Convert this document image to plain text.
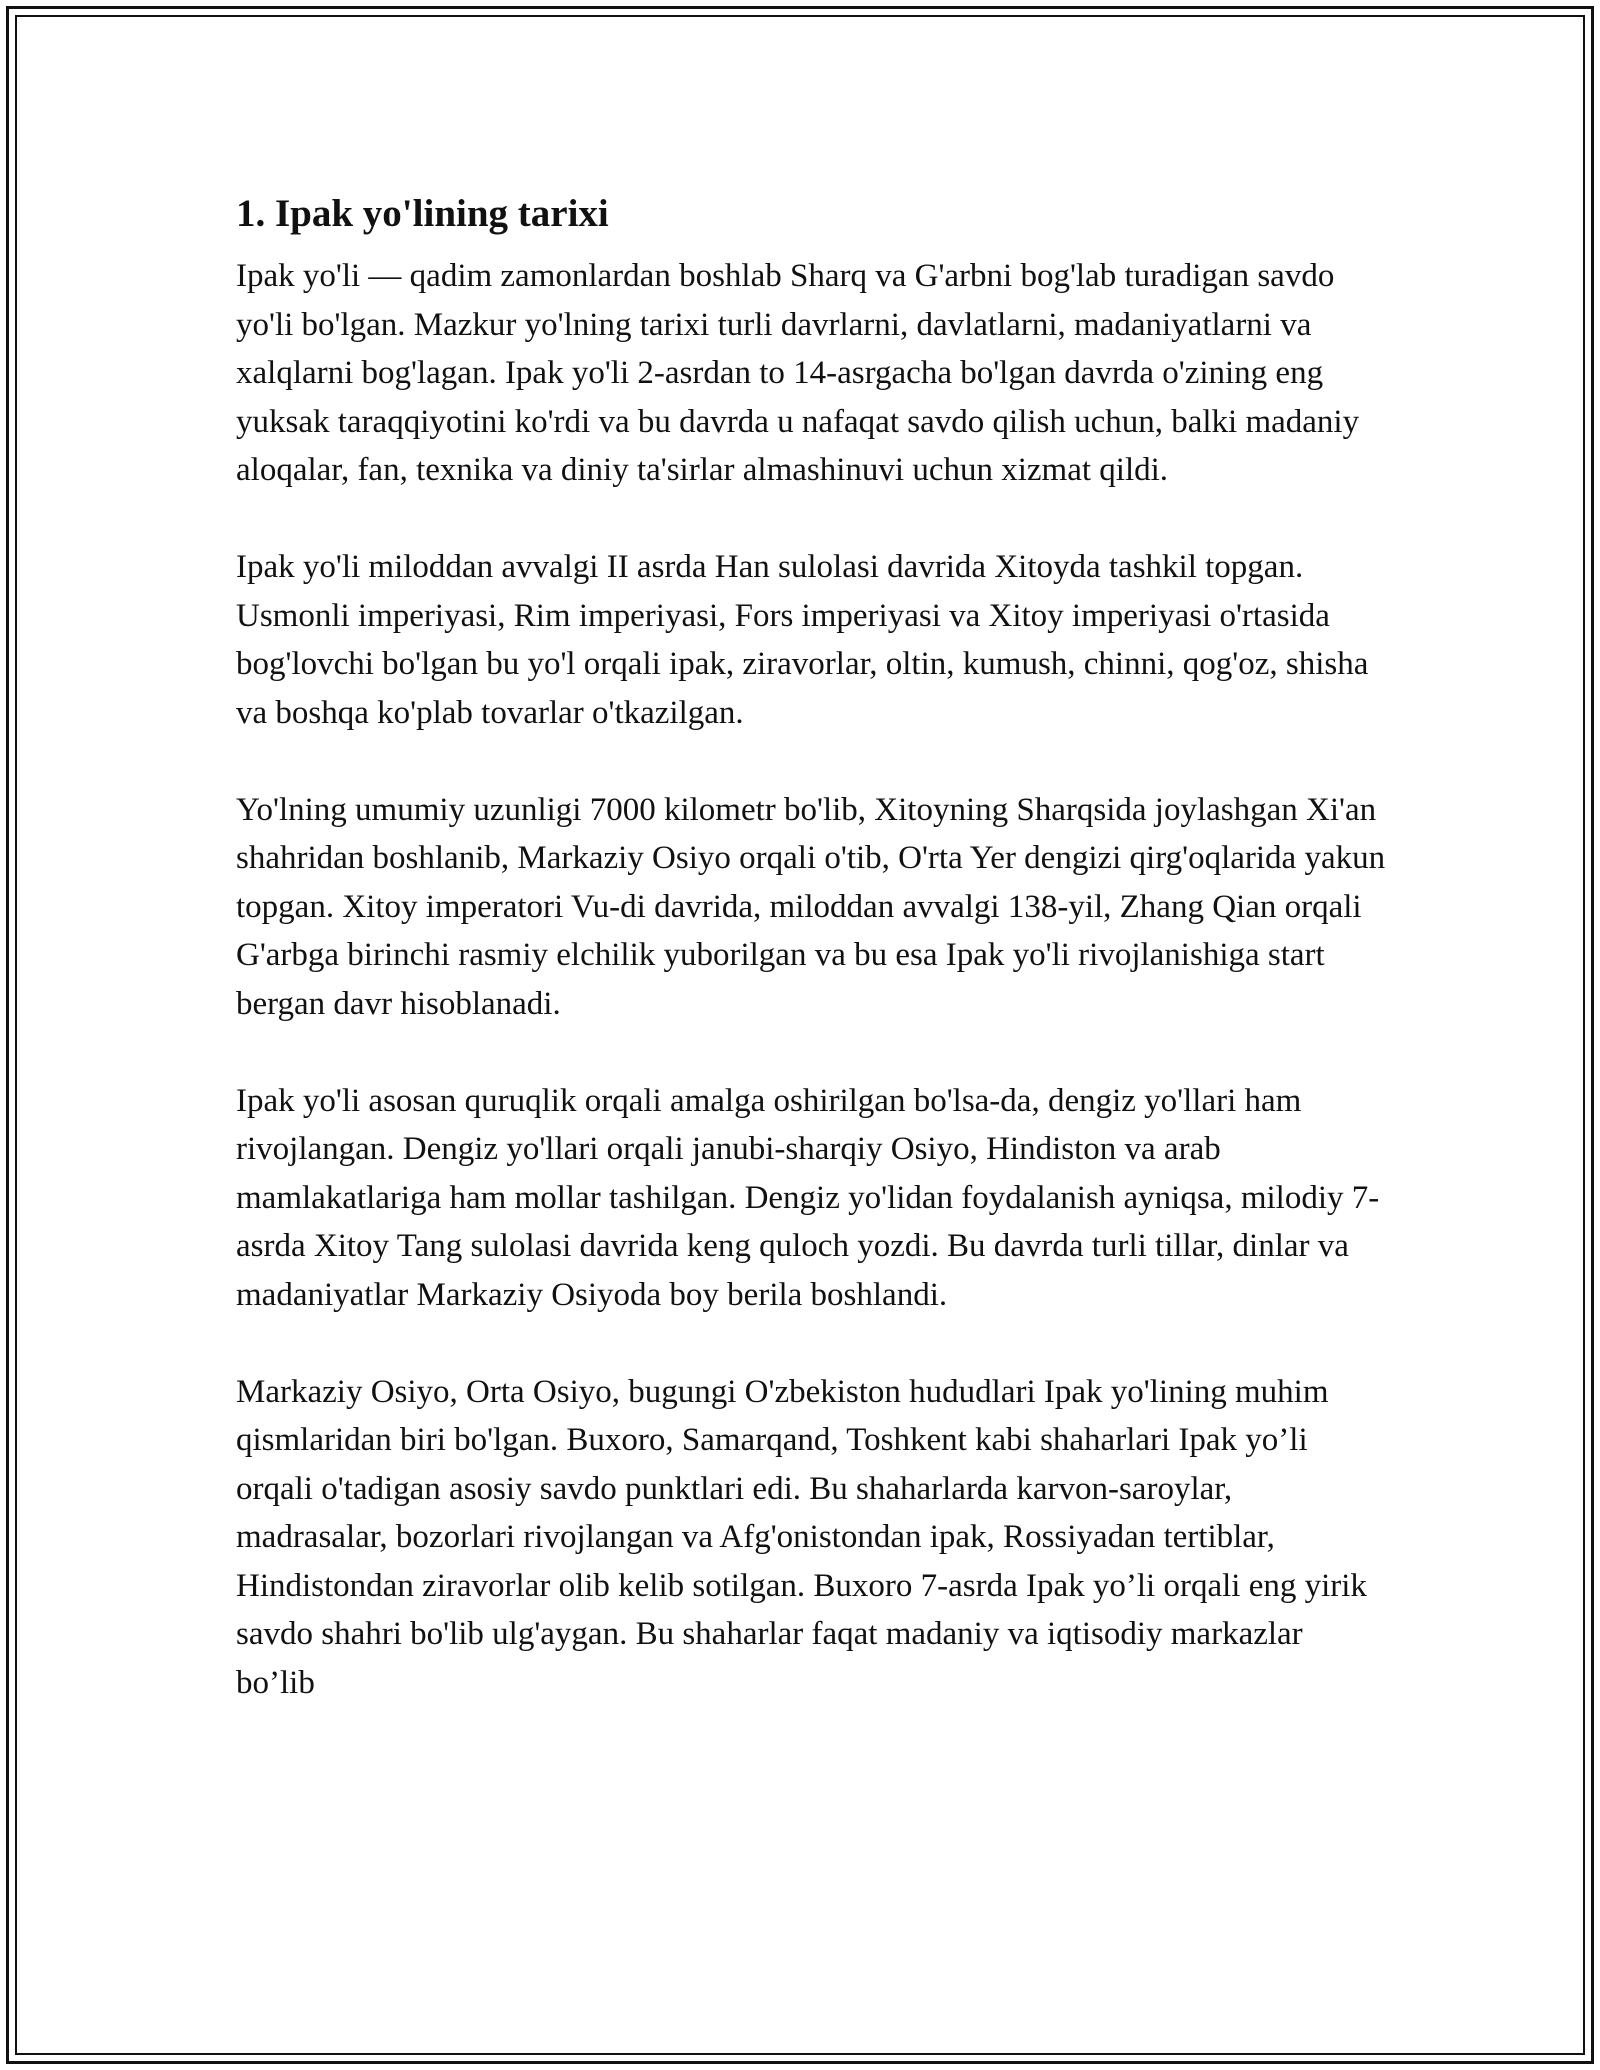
1. Ipak yo'lining tarixi

Ipak yo'li — qadim zamonlardan boshlab Sharq va G'arbni bog'lab turadigan savdo yo'li bo'lgan. Mazkur yo'lning tarixi turli davrlarni, davlatlarni, madaniyatlarni va xalqlarni bog'lagan. Ipak yo'li 2-asrdan to 14-asrgacha bo'lgan davrda o'zining eng yuksak taraqqiyotini ko'rdi va bu davrda u nafaqat savdo qilish uchun, balki madaniy aloqalar, fan, texnika va diniy ta'sirlar almashinuvi uchun xizmat qildi.

Ipak yo'li miloddan avvalgi II asrda Han sulolasi davrida Xitoyda tashkil topgan. Usmonli imperiyasi, Rim imperiyasi, Fors imperiyasi va Xitoy imperiyasi o'rtasida bog'lovchi bo'lgan bu yo'l orqali ipak, ziravorlar, oltin, kumush, chinni, qog'oz, shisha va boshqa ko'plab tovarlar o'tkazilgan.

Yo'lning umumiy uzunligi 7000 kilometr bo'lib, Xitoyning Sharqsida joylashgan Xi'an shahridan boshlanib, Markaziy Osiyo orqali o'tib, O'rta Yer dengizi qirg'oqlarida yakun topgan. Xitoy imperatori Vu-di davrida, miloddan avvalgi 138-yil, Zhang Qian orqali G'arbga birinchi rasmiy elchilik yuborilgan va bu esa Ipak yo'li rivojlanishiga start bergan davr hisoblanadi.

Ipak yo'li asosan quruqlik orqali amalga oshirilgan bo'lsa-da, dengiz yo'llari ham rivojlangan. Dengiz yo'llari orqali janubi-sharqiy Osiyo, Hindiston va arab mamlakatlariga ham mollar tashilgan. Dengiz yo'lidan foydalanish ayniqsa, milodiy 7-asrda Xitoy Tang sulolasi davrida keng quloch yozdi. Bu davrda turli tillar, dinlar va madaniyatlar Markaziy Osiyoda boy berila boshlandi.

Markaziy Osiyo, Orta Osiyo, bugungi O'zbekiston hududlari Ipak yo'lining muhim qismlaridan biri bo'lgan. Buxoro, Samarqand, Toshkent kabi shaharlari Ipak yo’li orqali o'tadigan asosiy savdo punktlari edi. Bu shaharlarda karvon-saroylar, madrasalar, bozorlari rivojlangan va Afg'onistondan ipak, Rossiyadan tertiblar, Hindistondan ziravorlar olib kelib sotilgan. Buxoro 7-asrda Ipak yo’li orqali eng yirik savdo shahri bo'lib ulg'aygan. Bu shaharlar faqat madaniy va iqtisodiy markazlar bo’lib
